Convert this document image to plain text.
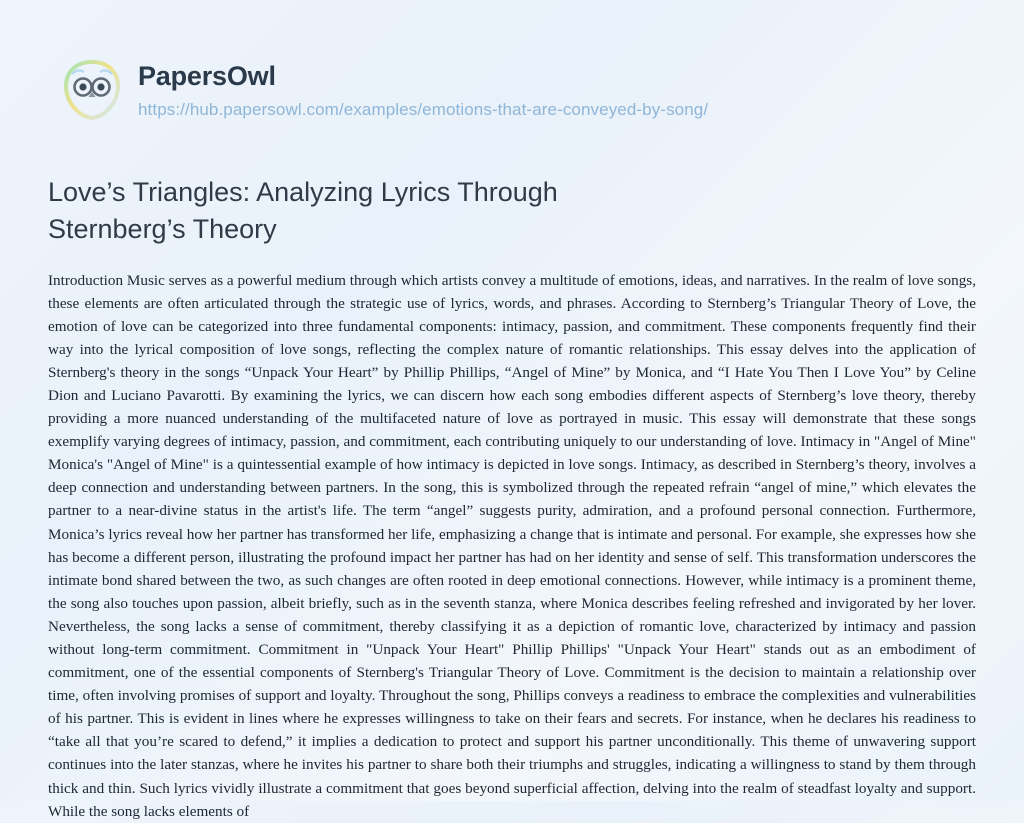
PapersOwl
https://hub.papersowl.com/examples/emotions-that-are-conveyed-by-song/
Love’s Triangles: Analyzing Lyrics Through Sternberg’s Theory

Introduction Music serves as a powerful medium through which artists convey a multitude of emotions, ideas, and narratives. In the realm of love songs, these elements are often articulated through the strategic use of lyrics, words, and phrases. According to Sternberg’s Triangular Theory of Love, the emotion of love can be categorized into three fundamental components: intimacy, passion, and commitment. These components frequently find their way into the lyrical composition of love songs, reflecting the complex nature of romantic relationships. This essay delves into the application of Sternberg's theory in the songs “Unpack Your Heart” by Phillip Phillips, “Angel of Mine” by Monica, and “I Hate You Then I Love You” by Celine Dion and Luciano Pavarotti. By examining the lyrics, we can discern how each song embodies different aspects of Sternberg’s love theory, thereby providing a more nuanced understanding of the multifaceted nature of love as portrayed in music. This essay will demonstrate that these songs exemplify varying degrees of intimacy, passion, and commitment, each contributing uniquely to our understanding of love. Intimacy in "Angel of Mine" Monica's "Angel of Mine" is a quintessential example of how intimacy is depicted in love songs. Intimacy, as described in Sternberg’s theory, involves a deep connection and understanding between partners. In the song, this is symbolized through the repeated refrain “angel of mine,” which elevates the partner to a near-divine status in the artist's life. The term “angel” suggests purity, admiration, and a profound personal connection. Furthermore, Monica’s lyrics reveal how her partner has transformed her life, emphasizing a change that is intimate and personal. For example, she expresses how she has become a different person, illustrating the profound impact her partner has had on her identity and sense of self. This transformation underscores the intimate bond shared between the two, as such changes are often rooted in deep emotional connections. However, while intimacy is a prominent theme, the song also touches upon passion, albeit briefly, such as in the seventh stanza, where Monica describes feeling refreshed and invigorated by her lover. Nevertheless, the song lacks a sense of commitment, thereby classifying it as a depiction of romantic love, characterized by intimacy and passion without long-term commitment. Commitment in "Unpack Your Heart" Phillip Phillips' "Unpack Your Heart" stands out as an embodiment of commitment, one of the essential components of Sternberg's Triangular Theory of Love. Commitment is the decision to maintain a relationship over time, often involving promises of support and loyalty. Throughout the song, Phillips conveys a readiness to embrace the complexities and vulnerabilities of his partner. This is evident in lines where he expresses willingness to take on their fears and secrets. For instance, when he declares his readiness to “take all that you’re scared to defend,” it implies a dedication to protect and support his partner unconditionally. This theme of unwavering support continues into the later stanzas, where he invites his partner to share both their triumphs and struggles, indicating a willingness to stand by them through thick and thin. Such lyrics vividly illustrate a commitment that goes beyond superficial affection, delving into the realm of steadfast loyalty and support. While the song lacks elements of
